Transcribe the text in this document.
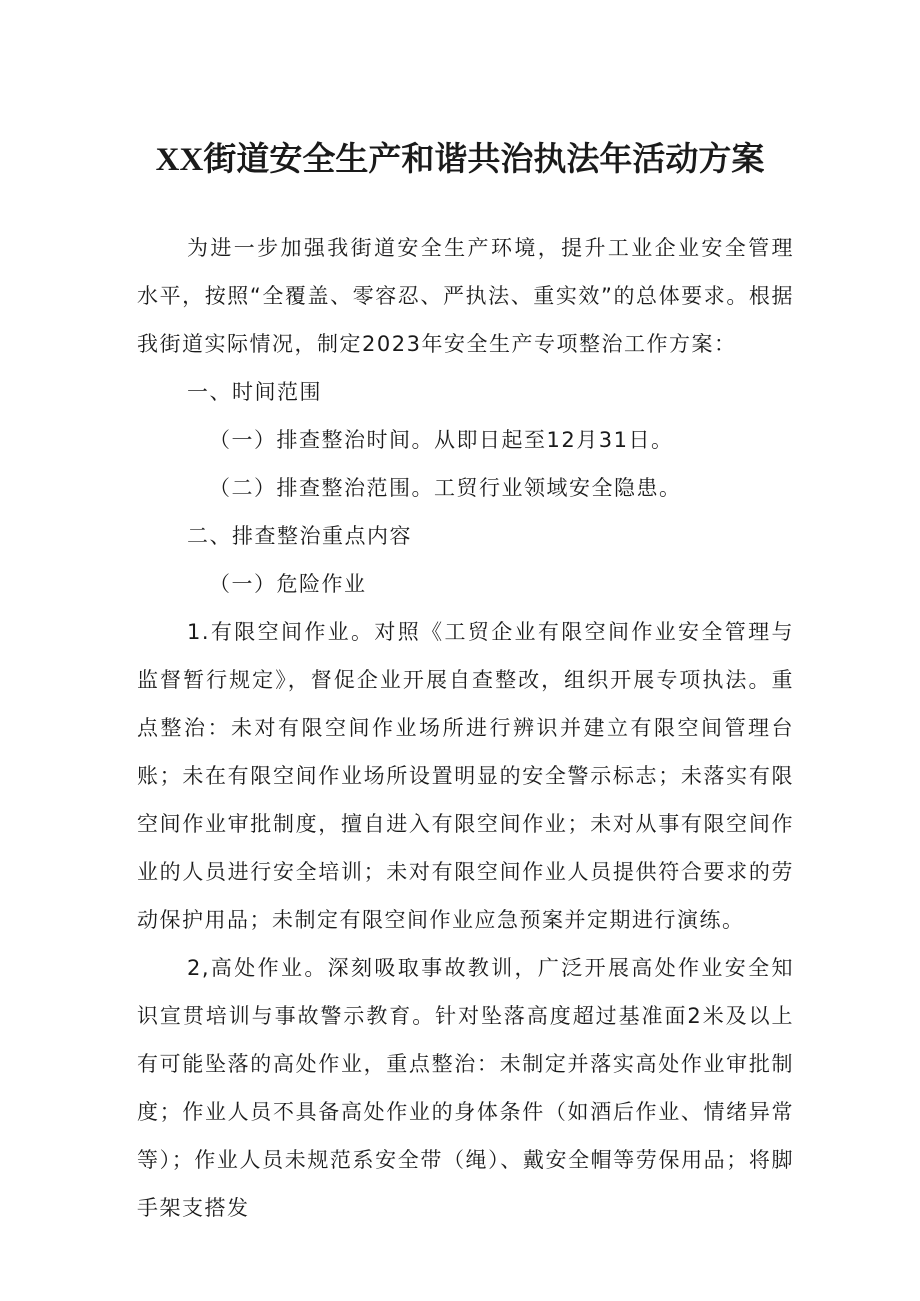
XX街道安全生产和谐共治执法年活动方案

为进一步加强我街道安全生产环境，提升工业企业安全管理水平，按照“全覆盖、零容忍、严执法、重实效”的总体要求。根据我街道实际情况，制定2023年安全生产专项整治工作方案：

一、时间范围

（一）排查整治时间。从即日起至12月31日。

（二）排查整治范围。工贸行业领域安全隐患。

二、排查整治重点内容

（一）危险作业

1.有限空间作业。对照《工贸企业有限空间作业安全管理与监督暂行规定》，督促企业开展自查整改，组织开展专项执法。重点整治：未对有限空间作业场所进行辨识并建立有限空间管理台账；未在有限空间作业场所设置明显的安全警示标志；未落实有限空间作业审批制度，擅自进入有限空间作业；未对从事有限空间作业的人员进行安全培训；未对有限空间作业人员提供符合要求的劳动保护用品；未制定有限空间作业应急预案并定期进行演练。

2,高处作业。深刻吸取事故教训，广泛开展高处作业安全知识宣贯培训与事故警示教育。针对坠落高度超过基准面2米及以上有可能坠落的高处作业，重点整治：未制定并落实高处作业审批制度；作业人员不具备高处作业的身体条件（如酒后作业、情绪异常等）；作业人员未规范系安全带（绳）、戴安全帽等劳保用品；将脚手架支搭发
